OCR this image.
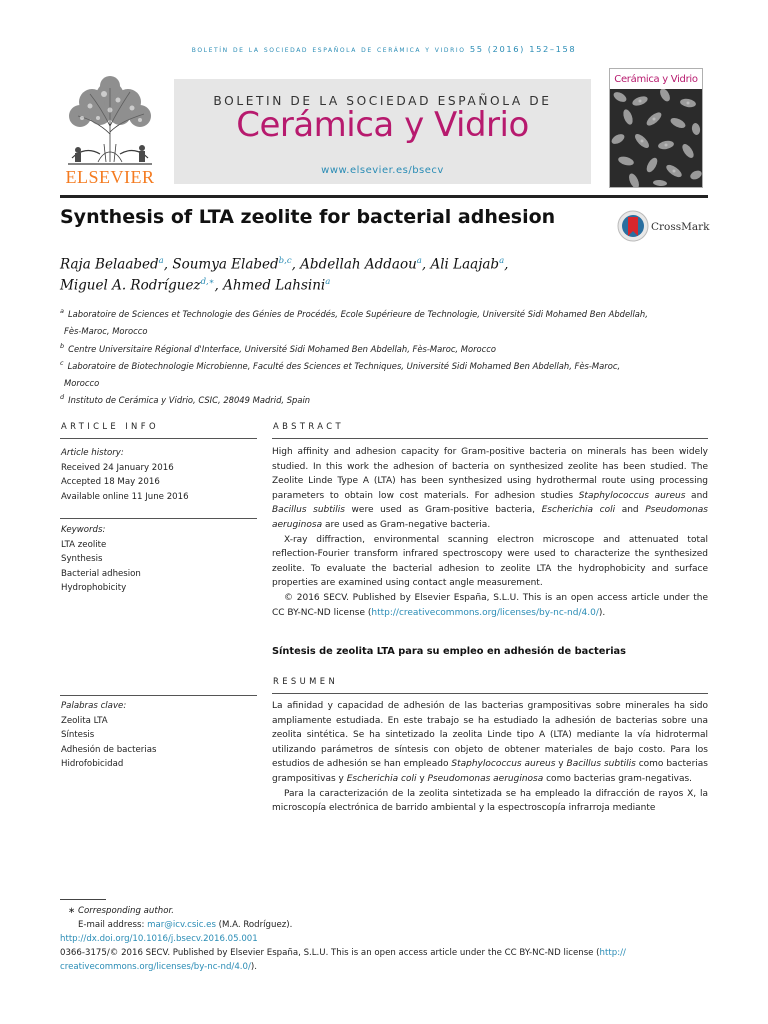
boletín de la sociedad española de cerámica y vidrio 55 (2016) 152–158
ELSEVIER
BOLETIN DE LA SOCIEDAD ESPAÑOLA DE
Cerámica y Vidrio
www.elsevier.es/bsecv
Cerámica y Vidrio
Synthesis of LTA zeolite for bacterial adhesion	CrossMark
Raja Belaabed$^a$, Soumya Elabed$^{b,c}$, Abdellah Addaou$^a$, Ali Laajab$^a$,
Miguel A. Rodríguez$^{d,∗}$, Ahmed Lahsini$^a$
$^a$ Laboratoire de Sciences et Technologie des Génies de Procédés, Ecole Supérieure de Technologie, Université Sidi Mohamed Ben Abdellah,
Fès-Maroc, Morocco
$^b$ Centre Universitaire Régional d'Interface, Université Sidi Mohamed Ben Abdellah, Fès-Maroc, Morocco
$^c$ Laboratoire de Biotechnologie Microbienne, Faculté des Sciences et Techniques, Université Sidi Mohamed Ben Abdellah, Fès-Maroc,
Morocco
$^d$ Instituto de Cerámica y Vidrio, CSIC, 28049 Madrid, Spain
ARTICLE INFO	ABSTRACT
Article history:
Received 24 January 2016
Accepted 18 May 2016
Available online 11 June 2016
Keywords:
LTA zeolite
Synthesis
Bacterial adhesion
Hydrophobicity
Palabras clave:
Zeolita LTA
Síntesis
Adhesión de bacterias
Hidrofobicidad

High affinity and adhesion capacity for Gram-positive bacteria on minerals has been widely studied. In this work the adhesion of bacteria on synthesized zeolite has been studied. The Zeolite Linde Type A (LTA) has been synthesized using hydrothermal route using processing parameters to obtain low cost materials. For adhesion studies Staphylococcus aureus and Bacillus subtilis were used as Gram-positive bacteria, Escherichia coli and Pseudomonas aeruginosa are used as Gram-negative bacteria.

X-ray diffraction, environmental scanning electron microscope and attenuated total reflection-Fourier transform infrared spectroscopy were used to characterize the synthesized zeolite. To evaluate the bacterial adhesion to zeolite LTA the hydrophobicity and surface properties are examined using contact angle measurement.

© 2016 SECV. Published by Elsevier España, S.L.U. This is an open access article under the CC BY-NC-ND license (http://creativecommons.org/licenses/by-nc-nd/4.0/).

Síntesis de zeolita LTA para su empleo en adhesión de bacterias
RESUMEN

La afinidad y capacidad de adhesión de las bacterias grampositivas sobre minerales ha sido ampliamente estudiada. En este trabajo se ha estudiado la adhesión de bacterias sobre una zeolita sintética. Se ha sintetizado la zeolita Linde tipo A (LTA) mediante la vía hidrotermal utilizando parámetros de síntesis con objeto de obtener materiales de bajo costo. Para los estudios de adhesión se han empleado Staphylococcus aureus y Bacillus subtilis como bacterias grampositivas y Escherichia coli y Pseudomonas aeruginosa como bacterias gram-negativas.

Para la caracterización de la zeolita sintetizada se ha empleado la difracción de rayos X, la microscopía electrónica de barrido ambiental y la espectroscopía infrarroja mediante

∗ Corresponding author.
E-mail address: mar@icv.csic.es (M.A. Rodríguez).
http://dx.doi.org/10.1016/j.bsecv.2016.05.001
0366-3175/© 2016 SECV. Published by Elsevier España, S.L.U. This is an open access article under the CC BY-NC-ND license (http://
creativecommons.org/licenses/by-nc-nd/4.0/).
